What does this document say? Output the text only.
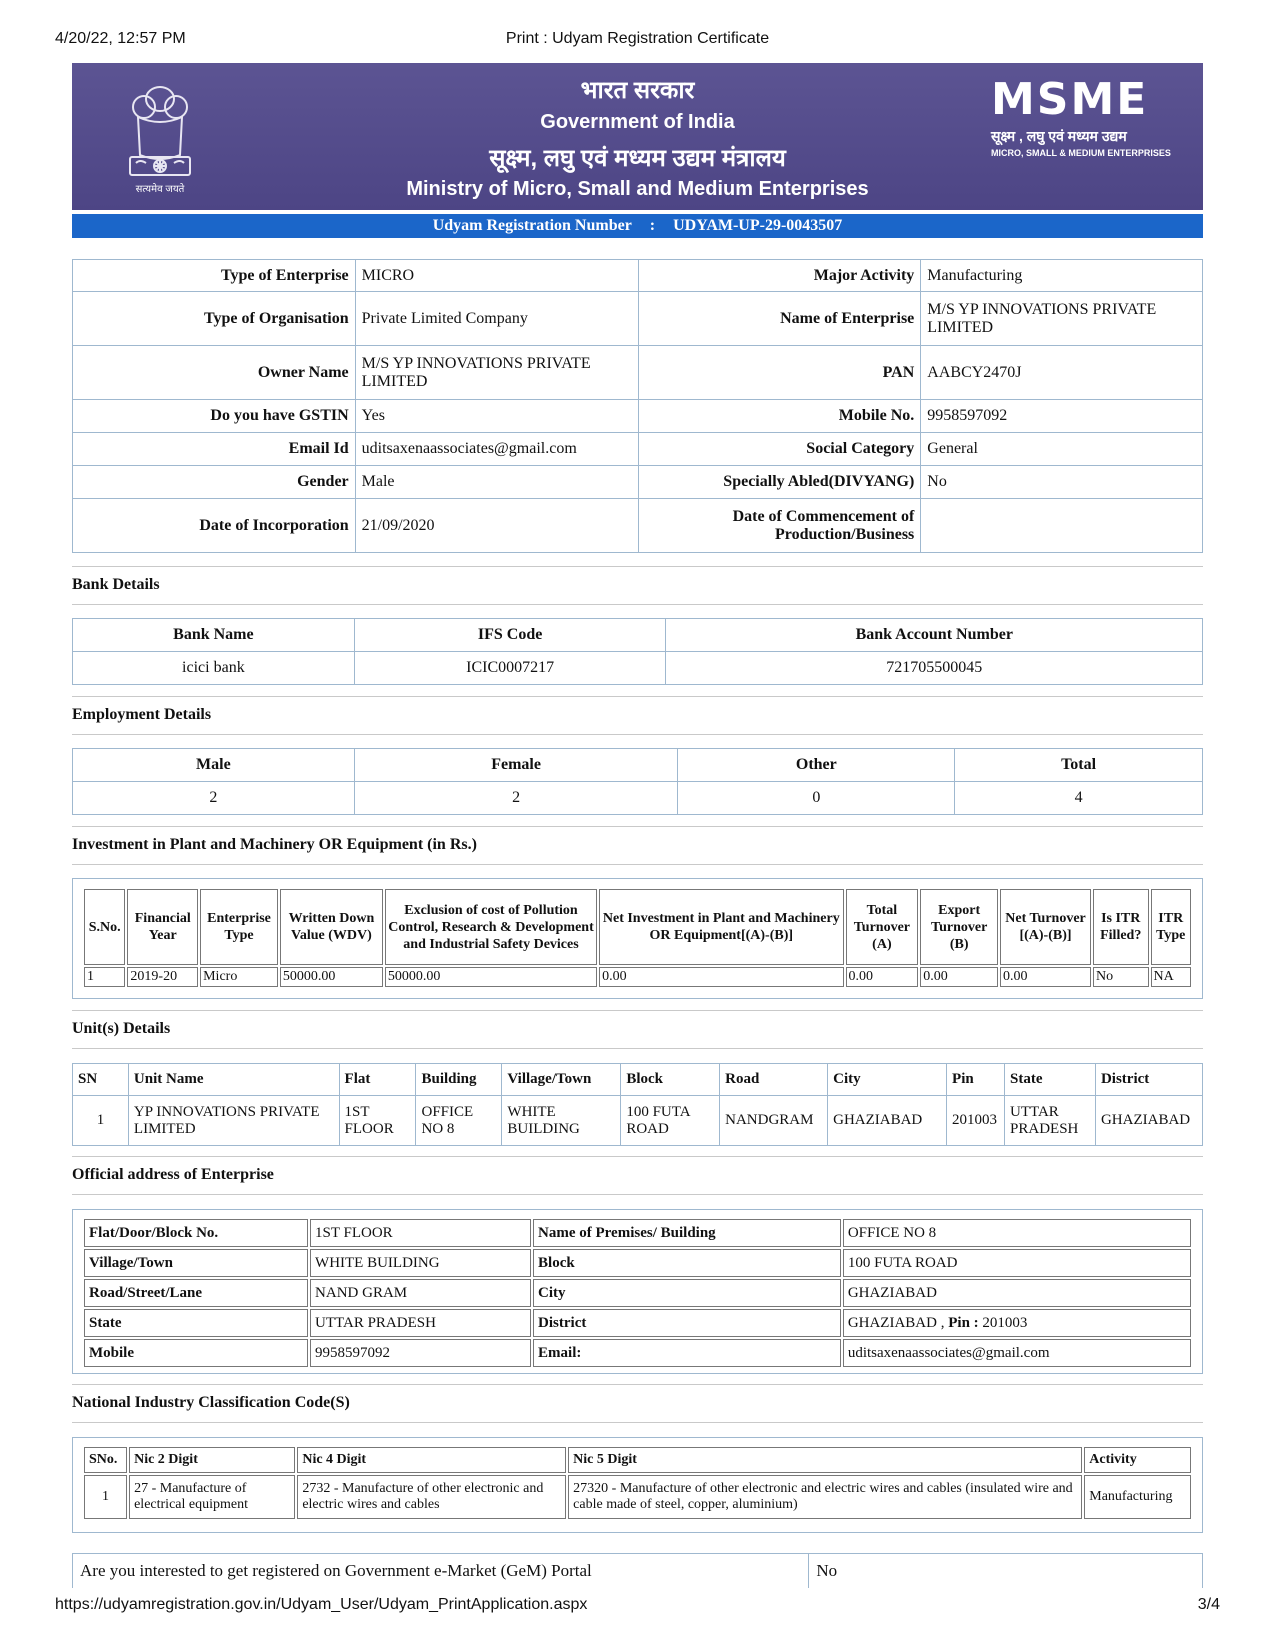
4/20/22, 12:57 PM	Print : Udyam Registration Certificate
सत्यमेव जयते
भारत सरकार
Government of India
सूक्ष्म, लघु एवं मध्यम उद्यम मंत्रालय
Ministry of Micro, Small and Medium Enterprises
MSME
सूक्ष्म , लघु एवं मध्यम उद्यम
MICRO, SMALL & MEDIUM ENTERPRISES
Udyam Registration Number : UDYAM-UP-29-0043507
Type of Enterprise	MICRO	Major Activity	Manufacturing
Type of Organisation	Private Limited Company	Name of Enterprise	M/S YP INNOVATIONS PRIVATE LIMITED
Owner Name	M/S YP INNOVATIONS PRIVATE LIMITED	PAN	AABCY2470J
Do you have GSTIN	Yes	Mobile No.	9958597092
Email Id	uditsaxenaassociates@gmail.com	Social Category	General
Gender	Male	Specially Abled(DIVYANG)	No
Date of Incorporation	21/09/2020	Date of Commencement of Production/Business	
Bank Details
Bank Name	IFS Code	Bank Account Number
icici bank	ICIC0007217	721705500045
Employment Details
Male	Female	Other	Total
2	2	0	4
Investment in Plant and Machinery OR Equipment (in Rs.)
S.No.	Financial Year	Enterprise Type	Written Down Value (WDV)	Exclusion of cost of Pollution Control, Research & Development and Industrial Safety Devices	Net Investment in Plant and Machinery OR Equipment[(A)-(B)]	Total Turnover (A)	Export Turnover (B)	Net Turnover [(A)-(B)]	Is ITR Filled?	ITR Type
1	2019-20	Micro	50000.00	50000.00	0.00	0.00	0.00	0.00	No	NA
Unit(s) Details
SN	Unit Name	Flat	Building	Village/Town	Block	Road	City	Pin	State	District
1	YP INNOVATIONS PRIVATE LIMITED	1ST FLOOR	OFFICE NO 8	WHITE BUILDING	100 FUTA ROAD	NANDGRAM	GHAZIABAD	201003	UTTAR PRADESH	GHAZIABAD
Official address of Enterprise
Flat/Door/Block No.	1ST FLOOR	Name of Premises/ Building	OFFICE NO 8
Village/Town	WHITE BUILDING	Block	100 FUTA ROAD
Road/Street/Lane	NAND GRAM	City	GHAZIABAD
State	UTTAR PRADESH	District	GHAZIABAD , Pin : 201003
Mobile	9958597092	Email:	uditsaxenaassociates@gmail.com
National Industry Classification Code(S)
SNo.	Nic 2 Digit	Nic 4 Digit	Nic 5 Digit	Activity
1	27 - Manufacture of electrical equipment	2732 - Manufacture of other electronic and electric wires and cables	27320 - Manufacture of other electronic and electric wires and cables (insulated wire and cable made of steel, copper, aluminium)	Manufacturing
Are you interested to get registered on Government e-Market (GeM) Portal	No
https://udyamregistration.gov.in/Udyam_User/Udyam_PrintApplication.aspx	3/4
